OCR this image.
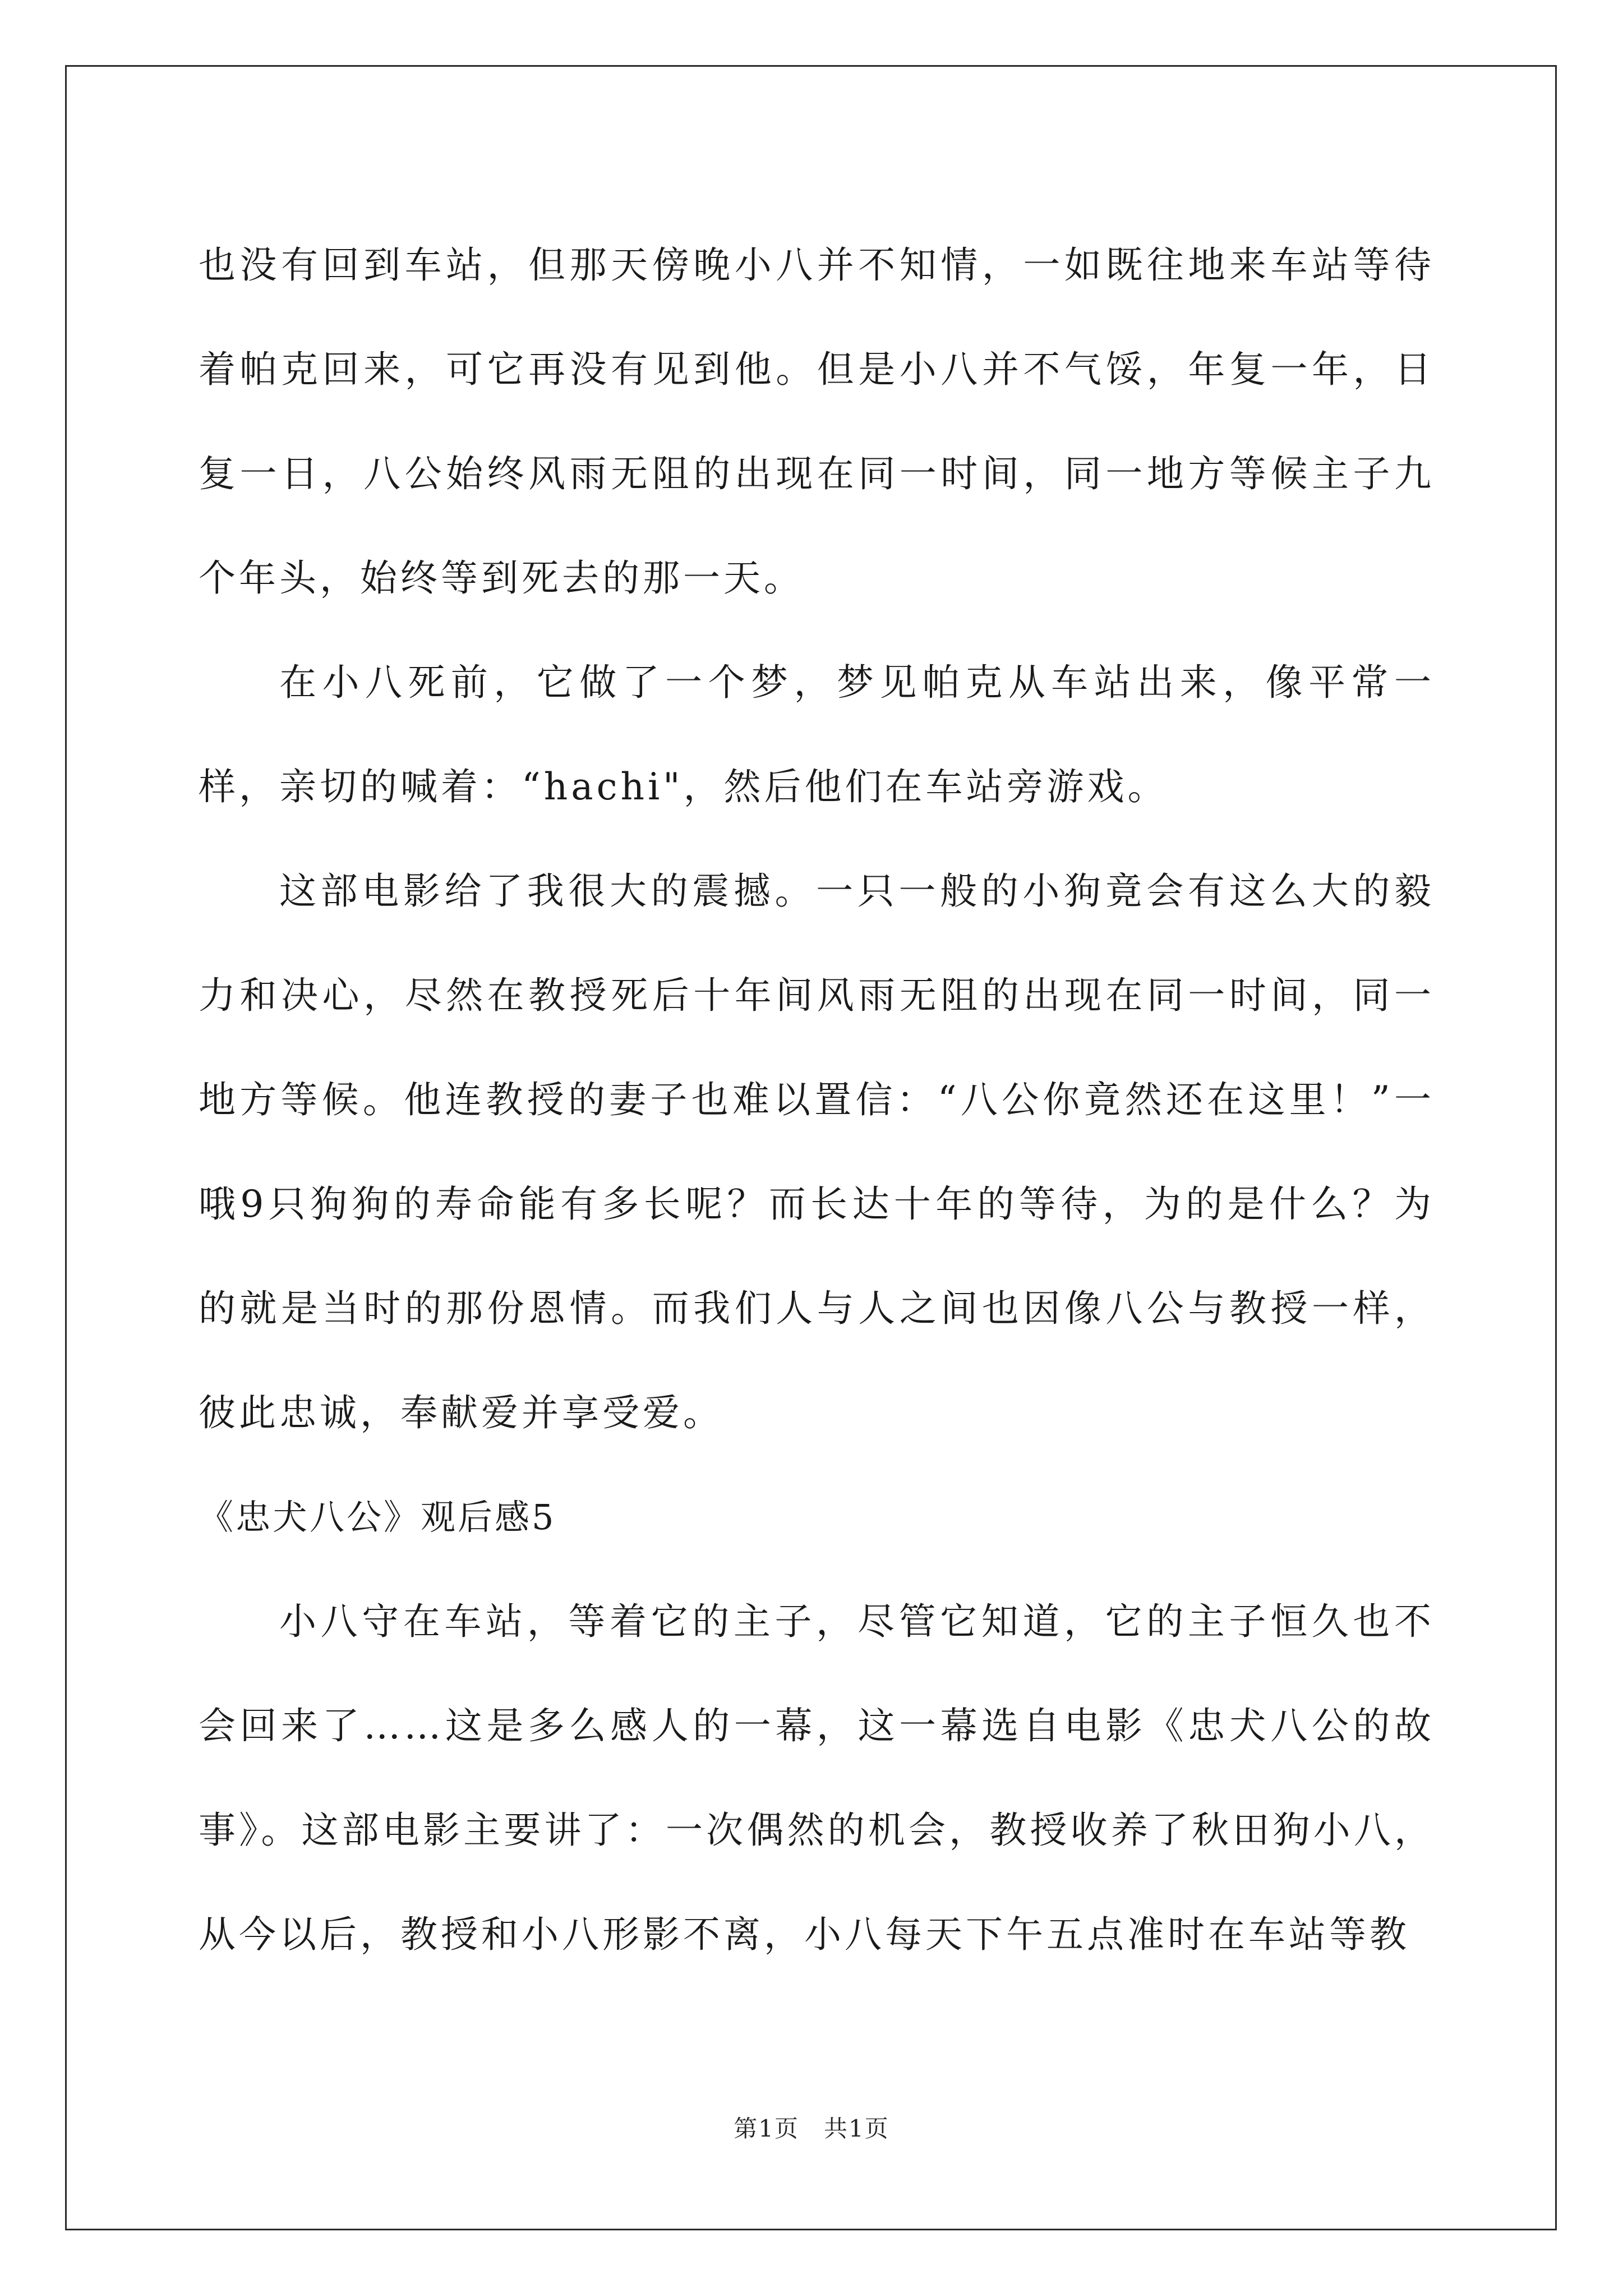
也没有回到车站，但那天傍晚小八并不知情，一如既往地来车站等待着帕克回来，可它再没有见到他。但是小八并不气馁，年复一年，日复一日，八公始终风雨无阻的出现在同一时间，同一地方等候主子九个年头，始终等到死去的那一天。

在小八死前，它做了一个梦，梦见帕克从车站出来，像平常一样，亲切的喊着：“hachi"，然后他们在车站旁游戏。

这部电影给了我很大的震撼。一只一般的小狗竟会有这么大的毅力和决心，尽然在教授死后十年间风雨无阻的出现在同一时间，同一地方等候。他连教授的妻子也难以置信：“八公你竟然还在这里！”一哦9只狗狗的寿命能有多长呢？而长达十年的等待，为的是什么？为的就是当时的那份恩情。而我们人与人之间也因像八公与教授一样，彼此忠诚，奉献爱并享受爱。

《忠犬八公》观后感5

小八守在车站，等着它的主子，尽管它知道，它的主子恒久也不会回来了……这是多么感人的一幕，这一幕选自电影《忠犬八公的故事》。这部电影主要讲了：一次偶然的机会，教授收养了秋田狗小八，从今以后，教授和小八形影不离，小八每天下午五点准时在车站等教

第1页　共1页
